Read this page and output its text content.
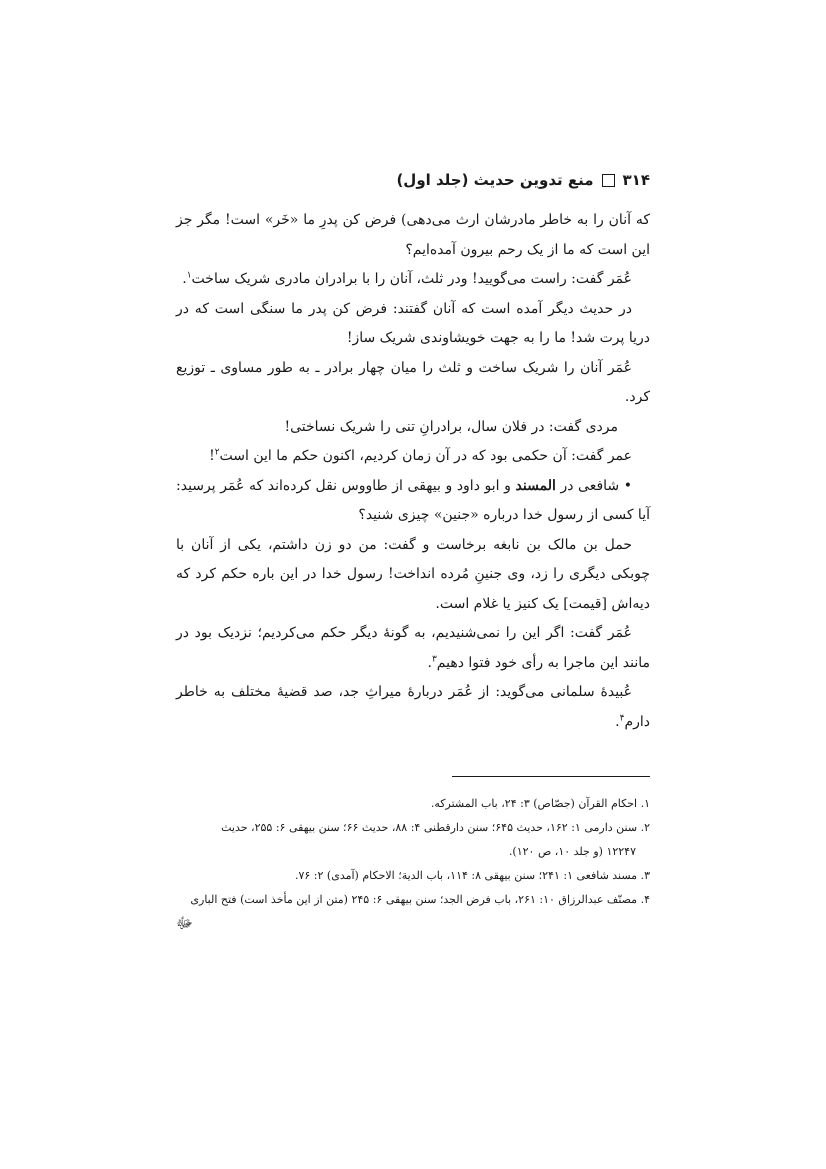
۳۱۴
منع تدوین حدیث (جلد اول)

که آنان را به خاطر مادرشان ارث می‌دهی) فرض کن پدرِ ما «خَر» است! مگر جز این است که ما از یک رحم بیرون آمده‌ایم؟

عُمَر گفت: راست می‌گویید! ودر ثلث، آنان را با برادران مادری شریک ساخت$^۱$.

در حدیث دیگر آمده است که آنان گفتند: فرض کن پدر ما سنگی است که در دریا پرت شد! ما را به جهت خویشاوندی شریک ساز!

عُمَر آنان را شریک ساخت و ثلث را میان چهار برادر ـ به طور مساوی ـ توزیع کرد.

مردی گفت: در فلان سال، برادرانِ تنی را شریک نساختی!

عمر گفت: آن حکمی بود که در آن زمان کردیم، اکنون حکم ما این است$^۲$!

• شافعی در المسند و ابو داود و بیهقی از طاووس نقل کرده‌اند که عُمَر پرسید: آیا کسی از رسول خدا درباره «جنین» چیزی شنید؟

حمل بن مالک بن نابغه برخاست و گفت: من دو زن داشتم، یکی از آنان با چوبکی دیگری را زد، وی جنینِ مُرده انداخت! رسول خدا در این باره حکم کرد که دیه‌اش [قیمت] یک کنیز یا غلام است.

عُمَر گفت: اگر این را نمی‌شنیدیم، به گونهٔ دیگر حکم می‌کردیم؛ نزدیک بود در مانند این ماجرا به رأی خود فتوا دهیم$^۳$.

عُبیدهٔ سلمانی می‌گوید: از عُمَر دربارهٔ میراثِ جد، صد قضیهٔ مختلف به خاطر دارم$^۴$.

۱. احکام القرآن (جصّاص) ۳: ۲۴، باب المشترکه.

۲. سنن دارمی ۱: ۱۶۲، حدیث ۶۴۵؛ سنن دارقطنی ۴: ۸۸، حدیث ۶۶؛ سنن بیهقی ۶: ۲۵۵، حدیث

۱۲۲۴۷ (و جلد ۱۰، ص ۱۲۰).

۳. مسند شافعی ۱: ۲۴۱؛ سنن بیهقی ۸: ۱۱۴، باب الدیة؛ الاحکام (آمدی) ۲: ۷۶.

۴. مصنّف عبدالرزاق ۱۰: ۲۶۱، باب فرض الجد؛ سنن بیهقی ۶: ۲۴۵ (متن از این مأخذ است) فتح الباری

ﷻ
